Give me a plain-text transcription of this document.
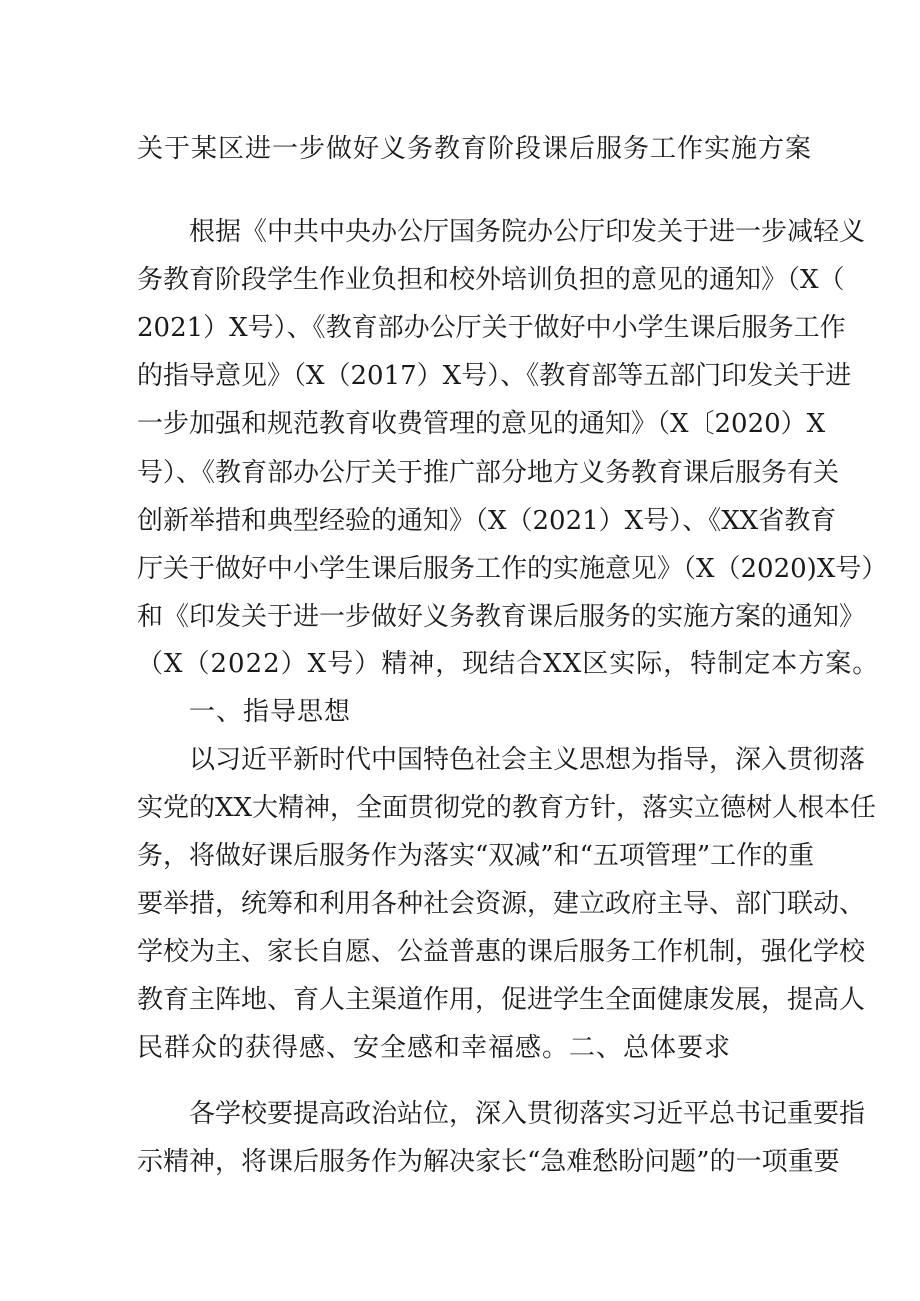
关于某区进一步做好义务教育阶段课后服务工作实施方案

根据《中共中央办公厅国务院办公厅印发关于进一步减轻义

务教育阶段学生作业负担和校外培训负担的意见的通知》（X（

2021）X号）、《教育部办公厅关于做好中小学生课后服务工作

的指导意见》（X（2017）X号）、《教育部等五部门印发关于进

一步加强和规范教育收费管理的意见的通知》（X〔2020）X

号）、《教育部办公厅关于推广部分地方义务教育课后服务有关

创新举措和典型经验的通知》（X（2021）X号）、《XX省教育

厅关于做好中小学生课后服务工作的实施意见》（X（2020)X号）

和《印发关于进一步做好义务教育课后服务的实施方案的通知》

（X（2022）X号）精神，现结合XX区实际，特制定本方案。

一、指导思想

以习近平新时代中国特色社会主义思想为指导，深入贯彻落

实党的XX大精神，全面贯彻党的教育方针，落实立德树人根本任

务，将做好课后服务作为落实“双减”和“五项管理”工作的重

要举措，统筹和利用各种社会资源，建立政府主导、部门联动、

学校为主、家长自愿、公益普惠的课后服务工作机制，强化学校

教育主阵地、育人主渠道作用，促进学生全面健康发展，提高人

民群众的获得感、安全感和幸福感。二、总体要求

各学校要提高政治站位，深入贯彻落实习近平总书记重要指

示精神，将课后服务作为解决家长“急难愁盼问题”的一项重要
